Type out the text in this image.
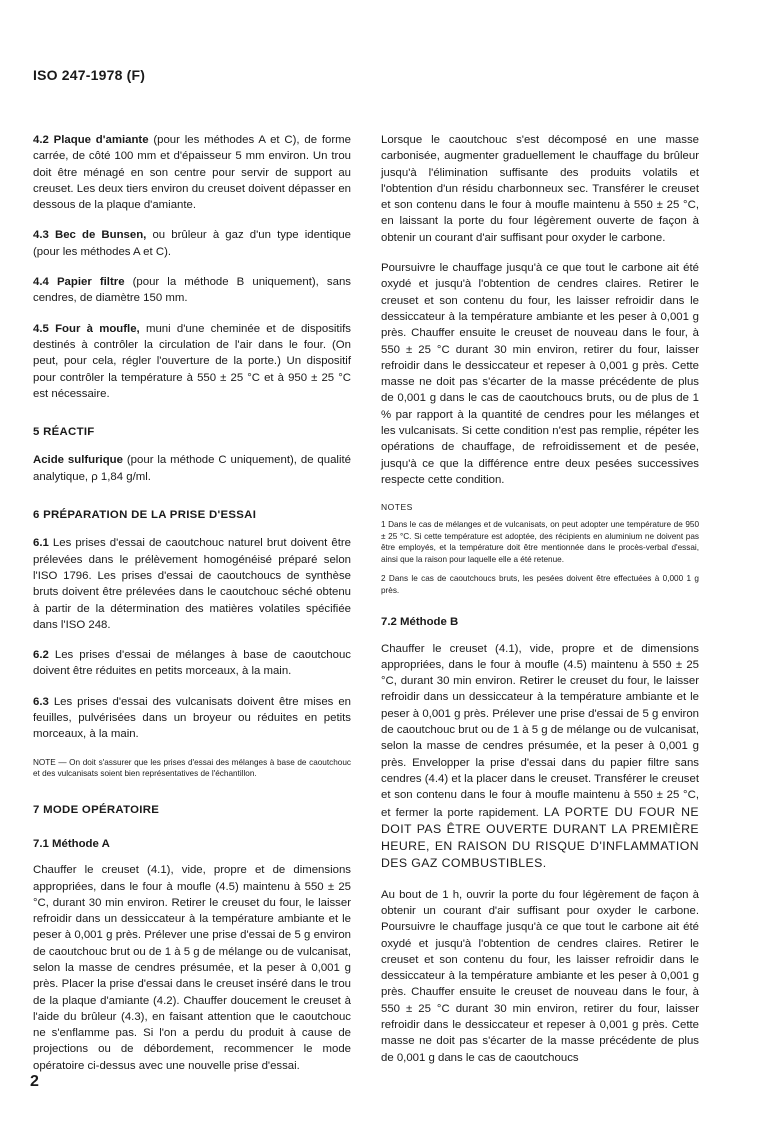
ISO 247-1978 (F)

4.2 Plaque d'amiante (pour les méthodes A et C), de forme carrée, de côté 100 mm et d'épaisseur 5 mm environ. Un trou doit être ménagé en son centre pour servir de support au creuset. Les deux tiers environ du creuset doivent dépasser en dessous de la plaque d'amiante.

4.3 Bec de Bunsen, ou brûleur à gaz d'un type identique (pour les méthodes A et C).

4.4 Papier filtre (pour la méthode B uniquement), sans cendres, de diamètre 150 mm.

4.5 Four à moufle, muni d'une cheminée et de dispositifs destinés à contrôler la circulation de l'air dans le four. (On peut, pour cela, régler l'ouverture de la porte.) Un dispositif pour contrôler la température à 550 ± 25 °C et à 950 ± 25 °C est nécessaire.

5 RÉACTIF

Acide sulfurique (pour la méthode C uniquement), de qualité analytique, ρ 1,84 g/ml.

6 PRÉPARATION DE LA PRISE D'ESSAI

6.1 Les prises d'essai de caoutchouc naturel brut doivent être prélevées dans le prélèvement homogénéisé préparé selon l'ISO 1796. Les prises d'essai de caoutchoucs de synthèse bruts doivent être prélevées dans le caoutchouc séché obtenu à partir de la détermination des matières volatiles spécifiée dans l'ISO 248.

6.2 Les prises d'essai de mélanges à base de caoutchouc doivent être réduites en petits morceaux, à la main.

6.3 Les prises d'essai des vulcanisats doivent être mises en feuilles, pulvérisées dans un broyeur ou réduites en petits morceaux, à la main.

NOTE — On doit s'assurer que les prises d'essai des mélanges à base de caoutchouc et des vulcanisats soient bien représentatives de l'échantillon.

7 MODE OPÉRATOIRE
7.1 Méthode A

Chauffer le creuset (4.1), vide, propre et de dimensions appropriées, dans le four à moufle (4.5) maintenu à 550 ± 25 °C, durant 30 min environ. Retirer le creuset du four, le laisser refroidir dans un dessiccateur à la température ambiante et le peser à 0,001 g près. Prélever une prise d'essai de 5 g environ de caoutchouc brut ou de 1 à 5 g de mélange ou de vulcanisat, selon la masse de cendres présumée, et la peser à 0,001 g près. Placer la prise d'essai dans le creuset inséré dans le trou de la plaque d'amiante (4.2). Chauffer doucement le creuset à l'aide du brûleur (4.3), en faisant attention que le caoutchouc ne s'enflamme pas. Si l'on a perdu du produit à cause de projections ou de débordement, recommencer le mode opératoire ci-dessus avec une nouvelle prise d'essai.

Lorsque le caoutchouc s'est décomposé en une masse carbonisée, augmenter graduellement le chauffage du brûleur jusqu'à l'élimination suffisante des produits volatils et l'obtention d'un résidu charbonneux sec. Transférer le creuset et son contenu dans le four à moufle maintenu à 550 ± 25 °C, en laissant la porte du four légèrement ouverte de façon à obtenir un courant d'air suffisant pour oxyder le carbone.

Poursuivre le chauffage jusqu'à ce que tout le carbone ait été oxydé et jusqu'à l'obtention de cendres claires. Retirer le creuset et son contenu du four, les laisser refroidir dans le dessiccateur à la température ambiante et les peser à 0,001 g près. Chauffer ensuite le creuset de nouveau dans le four, à 550 ± 25 °C durant 30 min environ, retirer du four, laisser refroidir dans le dessiccateur et repeser à 0,001 g près. Cette masse ne doit pas s'écarter de la masse précédente de plus de 0,001 g dans le cas de caoutchoucs bruts, ou de plus de 1 % par rapport à la quantité de cendres pour les mélanges et les vulcanisats. Si cette condition n'est pas remplie, répéter les opérations de chauffage, de refroidissement et de pesée, jusqu'à ce que la différence entre deux pesées successives respecte cette condition.

NOTES

1 Dans le cas de mélanges et de vulcanisats, on peut adopter une température de 950 ± 25 °C. Si cette température est adoptée, des récipients en aluminium ne doivent pas être employés, et la température doit être mentionnée dans le procès-verbal d'essai, ainsi que la raison pour laquelle elle a été retenue.

2 Dans le cas de caoutchoucs bruts, les pesées doivent être effectuées à 0,000 1 g près.

7.2 Méthode B

Chauffer le creuset (4.1), vide, propre et de dimensions appropriées, dans le four à moufle (4.5) maintenu à 550 ± 25 °C, durant 30 min environ. Retirer le creuset du four, le laisser refroidir dans un dessiccateur à la température ambiante et le peser à 0,001 g près. Prélever une prise d'essai de 5 g environ de caoutchouc brut ou de 1 à 5 g de mélange ou de vulcanisat, selon la masse de cendres présumée, et la peser à 0,001 g près. Envelopper la prise d'essai dans du papier filtre sans cendres (4.4) et la placer dans le creuset. Transférer le creuset et son contenu dans le four à moufle maintenu à 550 ± 25 °C, et fermer la porte rapidement. LA PORTE DU FOUR NE DOIT PAS ÊTRE OUVERTE DURANT LA PREMIÈRE HEURE, EN RAISON DU RISQUE D'INFLAMMATION DES GAZ COMBUSTIBLES.

Au bout de 1 h, ouvrir la porte du four légèrement de façon à obtenir un courant d'air suffisant pour oxyder le carbone. Poursuivre le chauffage jusqu'à ce que tout le carbone ait été oxydé et jusqu'à l'obtention de cendres claires. Retirer le creuset et son contenu du four, les laisser refroidir dans le dessiccateur à la température ambiante et les peser à 0,001 g près. Chauffer ensuite le creuset de nouveau dans le four, à 550 ± 25 °C durant 30 min environ, retirer du four, laisser refroidir dans le dessiccateur et repeser à 0,001 g près. Cette masse ne doit pas s'écarter de la masse précédente de plus de 0,001 g dans le cas de caoutchoucs

2
